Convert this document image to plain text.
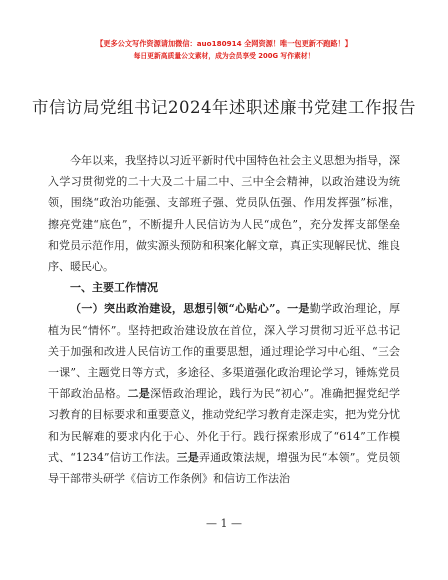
【更多公文写作资源请加微信：auo180914 全网资源！唯一包更新不跑路！】
每日更新高质量公文素材，成为会员享受 200G 写作素材！
市信访局党组书记2024年述职述廉书党建工作报告

今年以来，我坚持以习近平新时代中国特色社会主义思想为指导，深入学习贯彻党的二十大及二十届二中、三中全会精神，以政治建设为统领，围绕“政治功能强、支部班子强、党员队伍强、作用发挥强”标准，擦亮党建“底色”，不断提升人民信访为人民“成色”，充分发挥支部堡垒和党员示范作用，做实源头预防和积案化解文章，真正实现解民忧、维良序、暖民心。

一、主要工作情况

（一）突出政治建设，思想引领“心贴心”。一是勤学政治理论，厚植为民“情怀”。坚持把政治建设放在首位，深入学习贯彻习近平总书记关于加强和改进人民信访工作的重要思想，通过理论学习中心组、“三会一课”、主题党日等方式，多途径、多渠道强化政治理论学习，锤炼党员干部政治品格。二是深悟政治理论，践行为民“初心”。准确把握党纪学习教育的目标要求和重要意义，推动党纪学习教育走深走实，把为党分忧和为民解难的要求内化于心、外化于行。践行探索形成了“614”工作模式、“1234”信访工作法。三是弄通政策法规，增强为民“本领”。党员领导干部带头研学《信访工作条例》和信访工作法治

— 1 —
